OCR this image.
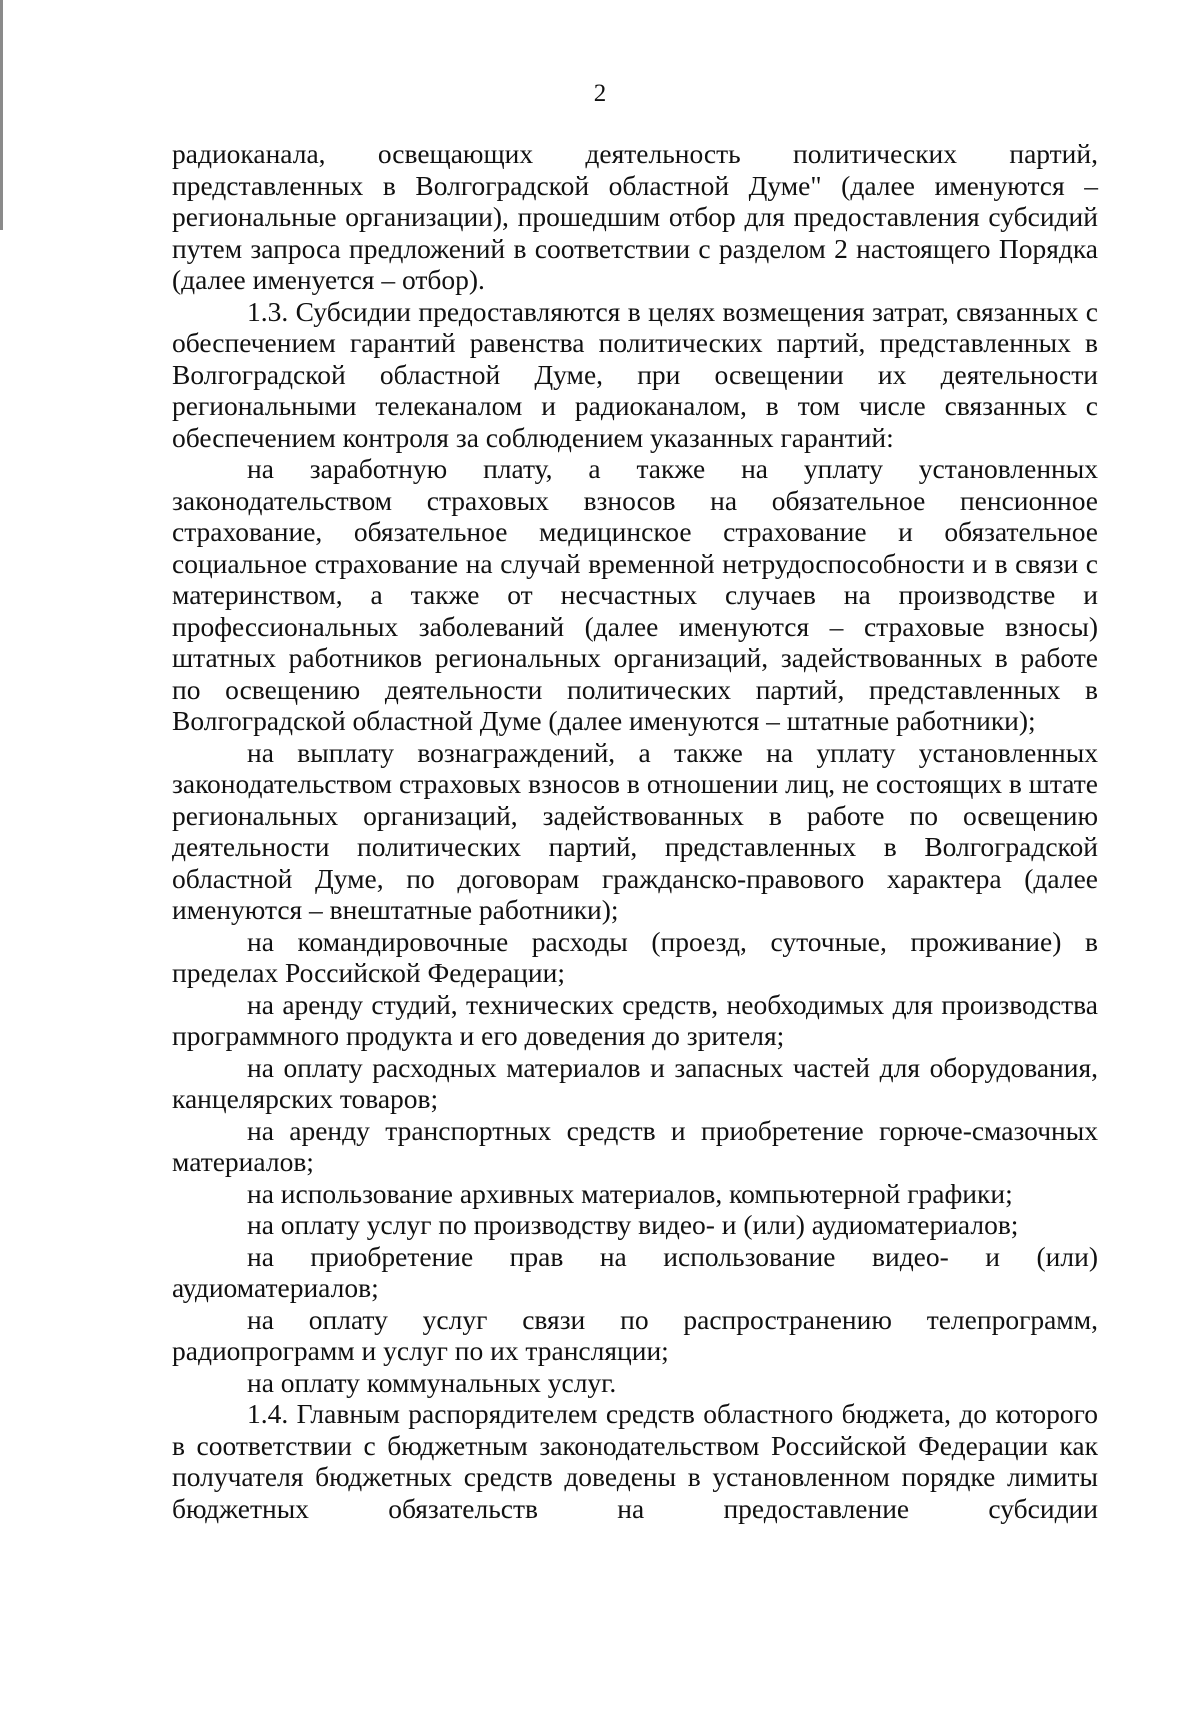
2

радиоканала, освещающих деятельность политических партий, представленных в Волгоградской областной Думе" (далее именуются – региональные организации), прошедшим отбор для предоставления субсидий путем запроса предложений в соответствии с разделом 2 настоящего Порядка (далее именуется – отбор).

1.3. Субсидии предоставляются в целях возмещения затрат, связанных с обеспечением гарантий равенства политических партий, представленных в Волгоградской областной Думе, при освещении их деятельности региональными телеканалом и радиоканалом, в том числе связанных с обеспечением контроля за соблюдением указанных гарантий:

на заработную плату, а также на уплату установленных законодательством страховых взносов на обязательное пенсионное страхование, обязательное медицинское страхование и обязательное социальное страхование на случай временной нетрудоспособности и в связи с материнством, а также от несчастных случаев на производстве и профессиональных заболеваний (далее именуются – страховые взносы) штатных работников региональных организаций, задействованных в работе по освещению деятельности политических партий, представленных в Волгоградской областной Думе (далее именуются – штатные работники);

на выплату вознаграждений, а также на уплату установленных законодательством страховых взносов в отношении лиц, не состоящих в штате региональных организаций, задействованных в работе по освещению деятельности политических партий, представленных в Волгоградской областной Думе, по договорам гражданско-правового характера (далее именуются – внештатные работники);

на командировочные расходы (проезд, суточные, проживание) в пределах Российской Федерации;

на аренду студий, технических средств, необходимых для производства программного продукта и его доведения до зрителя;

на оплату расходных материалов и запасных частей для оборудования, канцелярских товаров;

на аренду транспортных средств и приобретение горюче-смазочных материалов;

на использование архивных материалов, компьютерной графики;

на оплату услуг по производству видео- и (или) аудиоматериалов;

на приобретение прав на использование видео- и (или) аудиоматериалов;

на оплату услуг связи по распространению телепрограмм, радиопрограмм и услуг по их трансляции;

на оплату коммунальных услуг.

1.4. Главным распорядителем средств областного бюджета, до которого в соответствии с бюджетным законодательством Российской Федерации как получателя бюджетных средств доведены в установленном порядке лимиты бюджетных обязательств на предоставление субсидии
